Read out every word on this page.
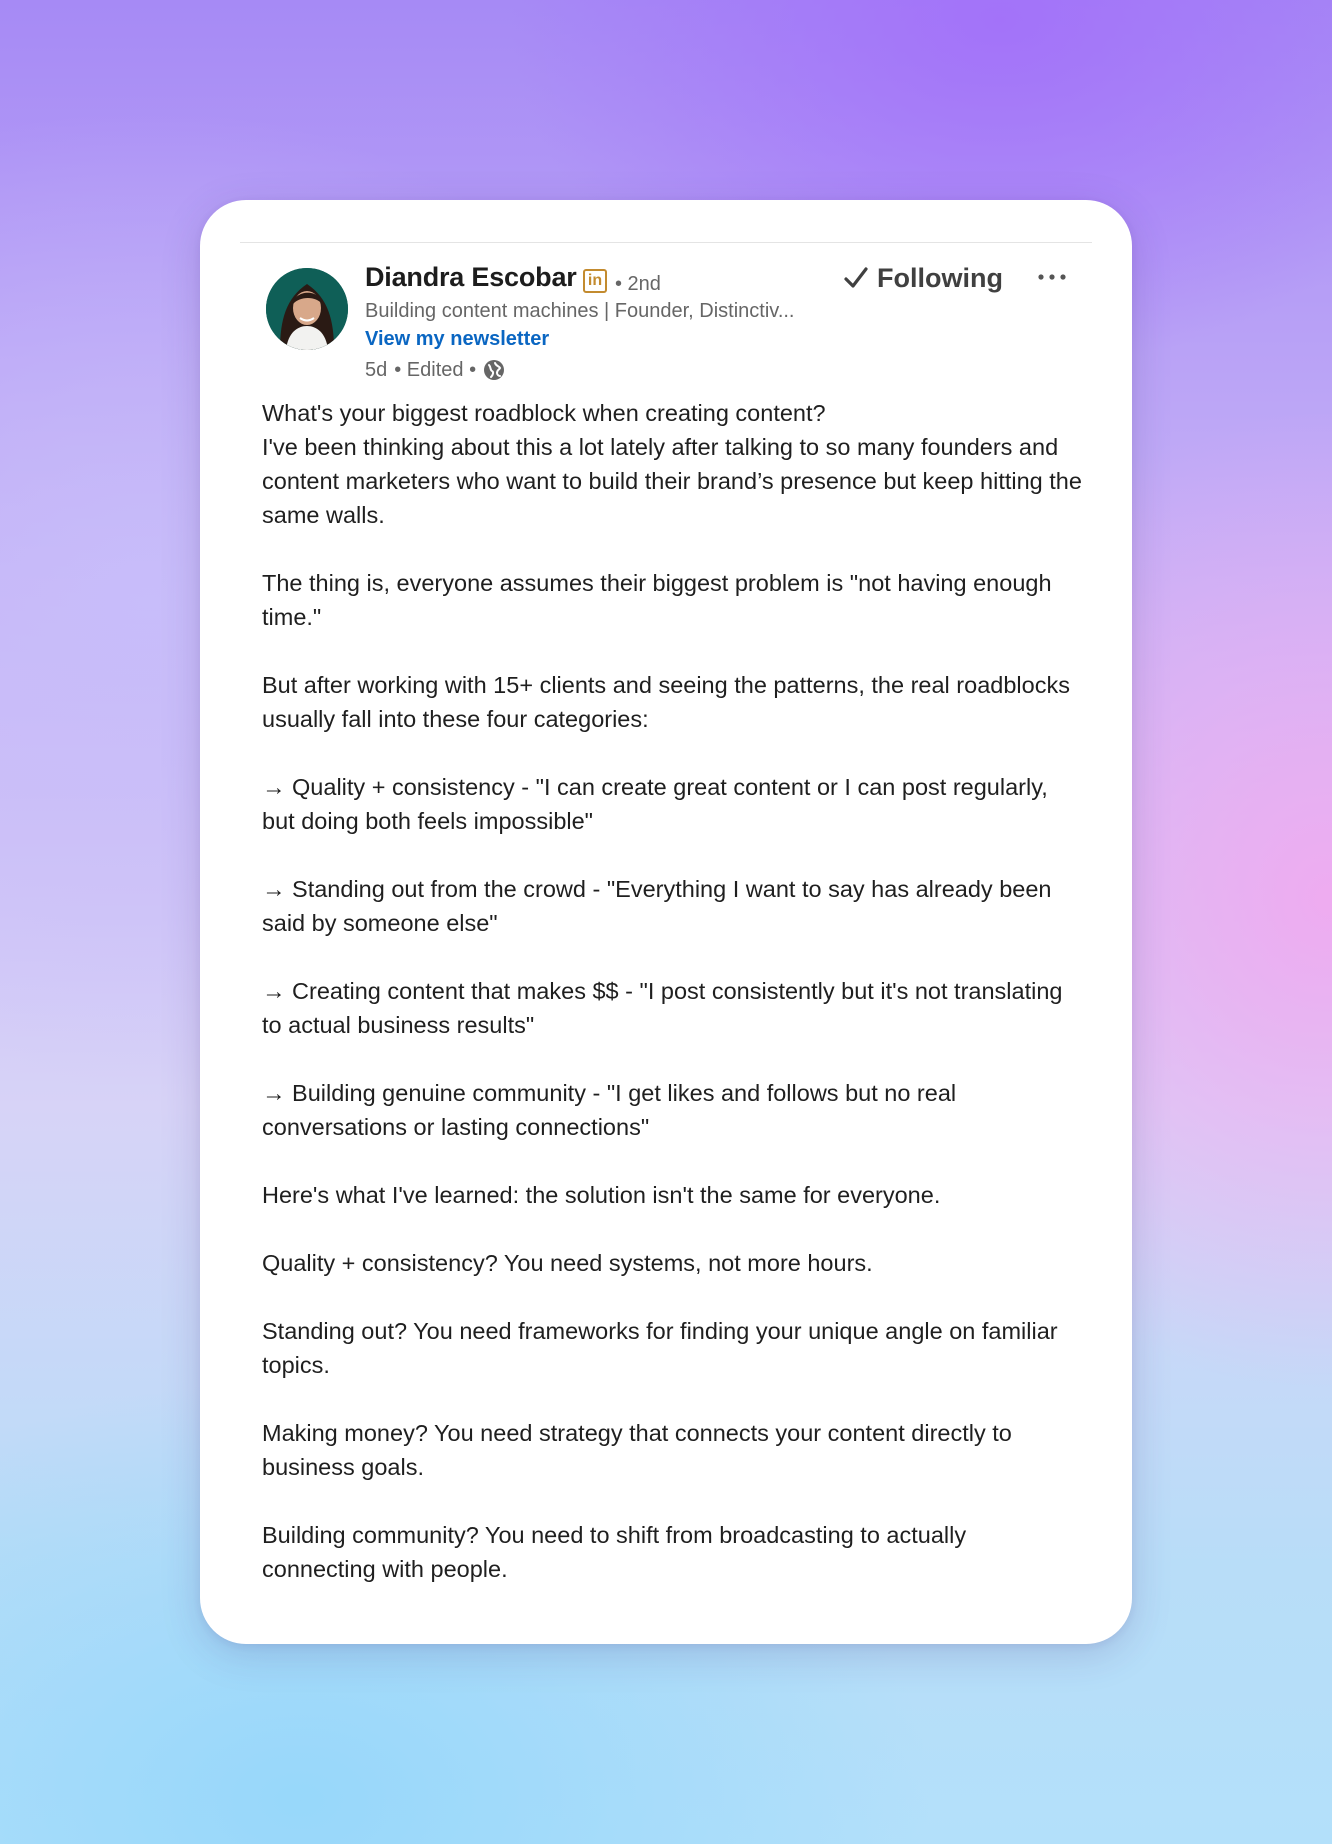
Diandra Escobar in • 2nd
Building content machines | Founder, Distinctiv...
View my newsletter
5d • Edited •
Following

What's your biggest roadblock when creating content?

I've been thinking about this a lot lately after talking to so many founders and content marketers who want to build their brand’s presence but keep hitting the same walls.

The thing is, everyone assumes their biggest problem is "not having enough time."

But after working with 15+ clients and seeing the patterns, the real roadblocks usually fall into these four categories:

→ Quality + consistency - "I can create great content or I can post regularly, but doing both feels impossible"

→ Standing out from the crowd - "Everything I want to say has already been said by someone else"

→ Creating content that makes $$ - "I post consistently but it's not translating to actual business results"

→ Building genuine community - "I get likes and follows but no real conversations or lasting connections"

Here's what I've learned: the solution isn't the same for everyone.

Quality + consistency? You need systems, not more hours.

Standing out? You need frameworks for finding your unique angle on familiar topics.

Making money? You need strategy that connects your content directly to business goals.

Building community? You need to shift from broadcasting to actually connecting with people.
